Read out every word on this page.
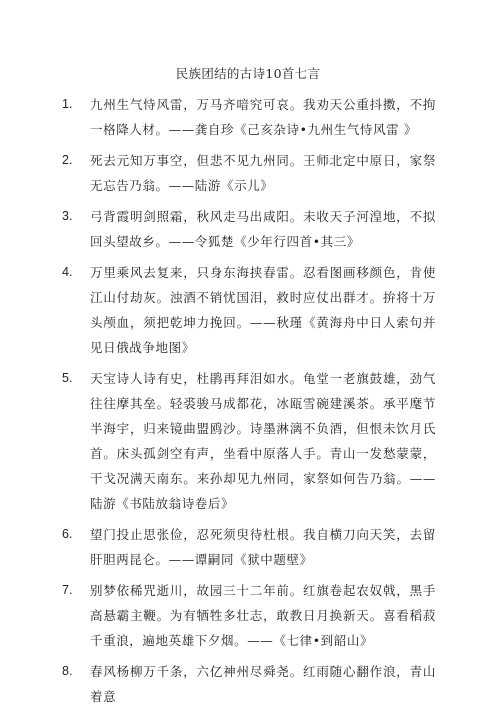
民族团结的古诗10首七言
1.	九州生气恃风雷，万马齐喑究可哀。我劝天公重抖擞，不拘一格降人材。——龚自珍《己亥杂诗•九州生气恃风雷 》
2.	死去元知万事空，但悲不见九州同。王师北定中原日，家祭无忘告乃翁。——陆游《示儿》
3.	弓背霞明剑照霜，秋风走马出咸阳。未收天子河湟地，不拟回头望故乡。——令狐楚《少年行四首•其三》
4.	万里乘风去复来，只身东海挟春雷。忍看图画移颜色，肯使江山付劫灰。浊酒不销忧国泪，救时应仗出群才。拚将十万头颅血，须把乾坤力挽回。——秋瑾《黄海舟中日人索句并见日俄战争地图》
5.	天宝诗人诗有史，杜鹃再拜泪如水。龟堂一老旗鼓雄，劲气往往摩其垒。轻裘骏马成都花，冰瓯雪碗建溪茶。承平麾节半海宇，归来镜曲盟鸥沙。诗墨淋漓不负酒，但恨未饮月氏首。床头孤剑空有声，坐看中原落人手。青山一发愁蒙蒙，干戈况满天南东。来孙却见九州同，家祭如何告乃翁。——陆游《书陆放翁诗卷后》
6.	望门投止思张俭，忍死须臾待杜根。我自横刀向天笑，去留肝胆两昆仑。——谭嗣同《狱中题壁》
7.	别梦依稀咒逝川，故园三十二年前。红旗卷起农奴戟，黑手高悬霸主鞭。为有牺牲多壮志，敢教日月换新天。喜看稻菽千重浪，遍地英雄下夕烟。——《七律•到韶山》
8.	春风杨柳万千条，六亿神州尽舜尧。红雨随心翻作浪，青山着意
